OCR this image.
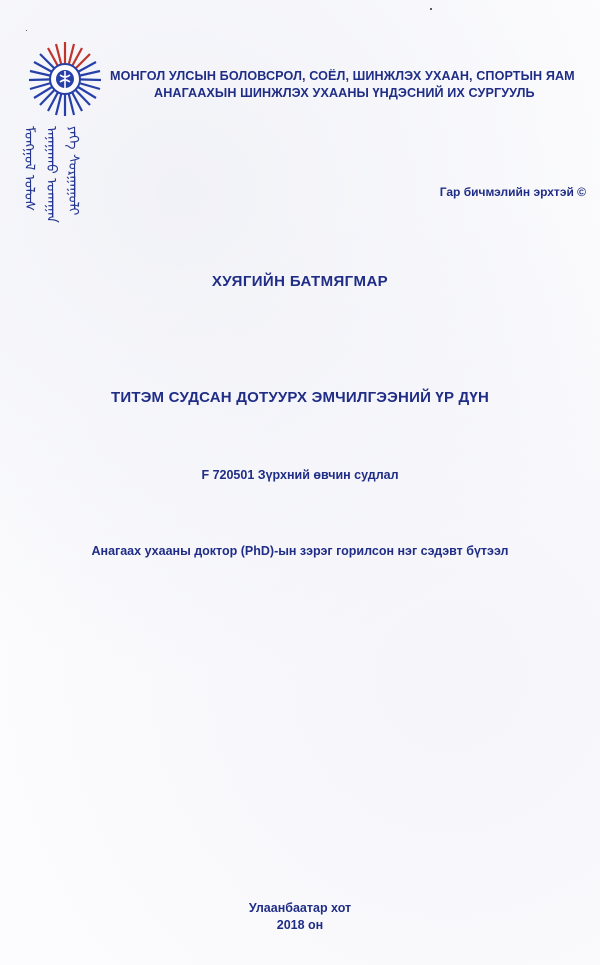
ᠮᠣᠩᠭᠣᠯ ᠤᠯᠤᠰ ᠠᠨᠠᠭᠠᠬᠤ ᠤᠬᠠᠭᠠᠨ ᠶᠡᠬᠡ ᠰᠤᠷᠭᠠᠭᠤᠯᠢ
МОНГОЛ УЛСЫН БОЛОВСРОЛ, СОЁЛ, ШИНЖЛЭХ УХААН, СПОРТЫН ЯАМ
АНАГААХЫН ШИНЖЛЭХ УХААНЫ ҮНДЭСНИЙ ИХ СУРГУУЛЬ
Гар бичмэлийн эрхтэй ©
ХУЯГИЙН БАТМЯГМАР
ТИТЭМ СУДСАН ДОТУУРХ ЭМЧИЛГЭЭНИЙ ҮР ДҮН
F 720501 Зүрхний өвчин судлал
Анагаах ухааны доктор (PhD)-ын зэрэг горилсон нэг сэдэвт бүтээл
Улаанбаатар хот
2018 он
